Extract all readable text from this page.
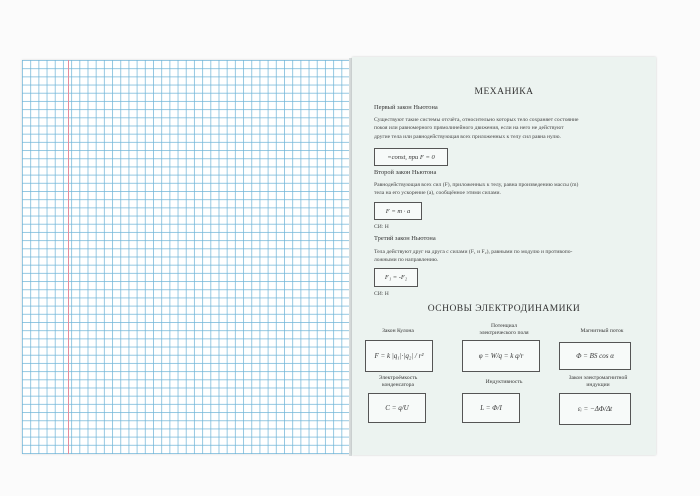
МЕХАНИКА
Первый закон Ньютона
Существуют такие системы отсчёта, относительно которых тело сохраняет состояние
покоя или равномерного прямолинейного движения, если на него не действуют
другие тела или равнодействующая всех приложенных к телу сил равна нулю.
=const, при F = 0
Второй закон Ньютона
Равнодействующая всех сил (F), приложенных к телу, равна произведению массы (m)
тела на его ускорение (a), сообщённое этими силами.
F = m · a
СИ: Н
Третий закон Ньютона
Тела действуют друг на друга с силами (F₁ и F₂), равными по модулю и противопо-
ложными по направлению.
F₁ = -F₂
СИ: Н
ОСНОВЫ ЭЛЕКТРОДИНАМИКИ
Закон Кулона
Потенциал
электрического поля	Магнитный поток
F = k |q₁|·|q₂| / r²	φ = W/q = k q/r	Φ = BS cos α
Электроёмкость
конденсатора	Индуктивность
Закон электромагнитной
индукции
C = q/U	L = Φ/I	εᵢ = −ΔΦ/Δt
